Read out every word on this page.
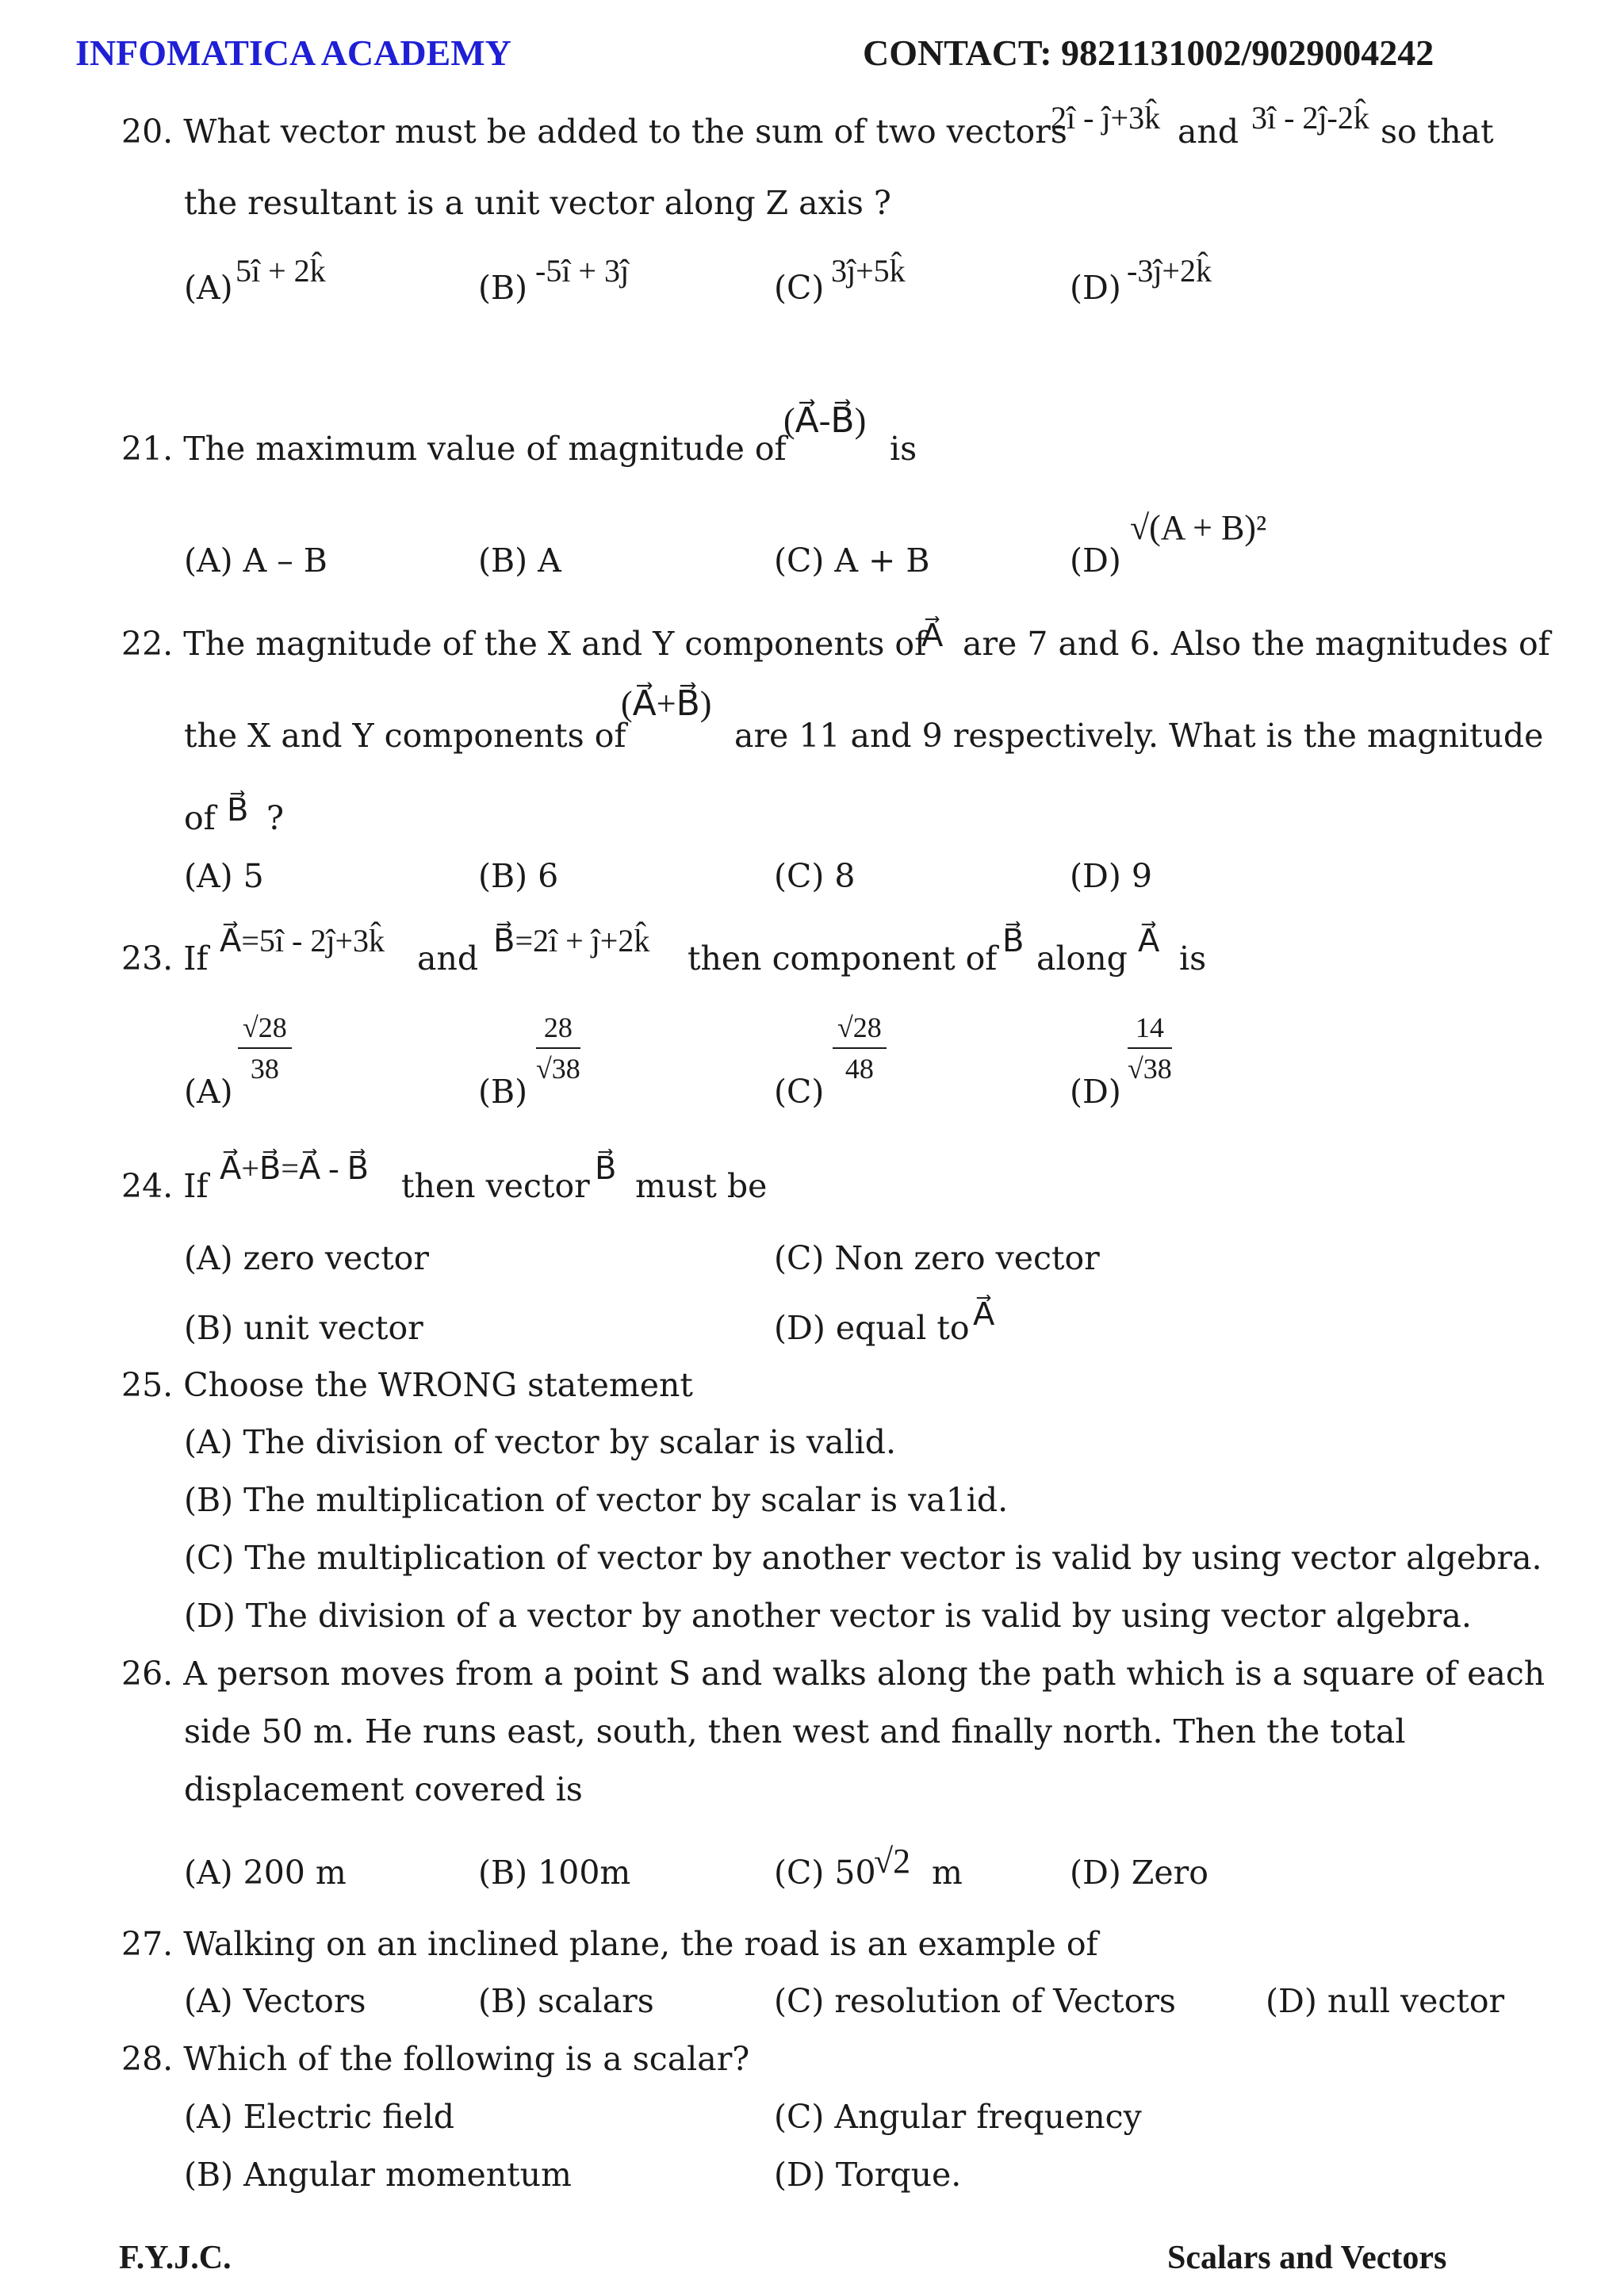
INFOMATICA ACADEMY	CONTACT: 9821131002/9029004242
20. What vector must be added to the sum of two vectors
2î - ĵ+3k̂ and 3î - 2ĵ-2k̂ so that
the resultant is a unit vector along Z axis ?
(A) 5î + 2k̂	(B) -5î + 3ĵ	(C) 3ĵ+5k̂	(D) -3ĵ+2k̂
21. The maximum value of magnitude of
(A⃗-B⃗)
is
(A) A – B	(B) A	(C) A + B	(D)
√(A + B)²
22. The magnitude of the X and Y components of
A⃗ are 7 and 6. Also the magnitudes of
the X and Y components of
(A⃗+B⃗)
are 11 and 9 respectively. What is the magnitude
of B⃗ ?
(A) 5	(B) 6	(C) 8	(D) 9
23. If A⃗=5î - 2ĵ+3k̂ and B⃗=2î + ĵ+2k̂ then component of B⃗ along A⃗ is
(A)
$\frac{√28}{38}$
(B)
$\frac{28}{√38}$
(C)
$\frac{√28}{48}$
(D)
$\frac{14}{√38}$
24. If A⃗+B⃗=A⃗ - B⃗ then vector B⃗ must be
(A) zero vector	(C) Non zero vector
(B) unit vector	(D) equal to A⃗
25. Choose the WRONG statement
(A) The division of vector by scalar is valid.
(B) The multiplication of vector by scalar is va1id.
(C) The multiplication of vector by another vector is valid by using vector algebra.
(D) The division of a vector by another vector is valid by using vector algebra.
26. A person moves from a point S and walks along the path which is a square of each
side 50 m. He runs east, south, then west and finally north. Then the total
displacement covered is
(A) 200 m	(B) 100m	(C) 50
√2 m	(D) Zero
27. Walking on an inclined plane, the road is an example of
(A) Vectors	(B) scalars	(C) resolution of Vectors	(D) null vector
28. Which of the following is a scalar?
(A) Electric field	(C) Angular frequency
(B) Angular momentum	(D) Torque.
F.Y.J.C.	Scalars and Vectors
